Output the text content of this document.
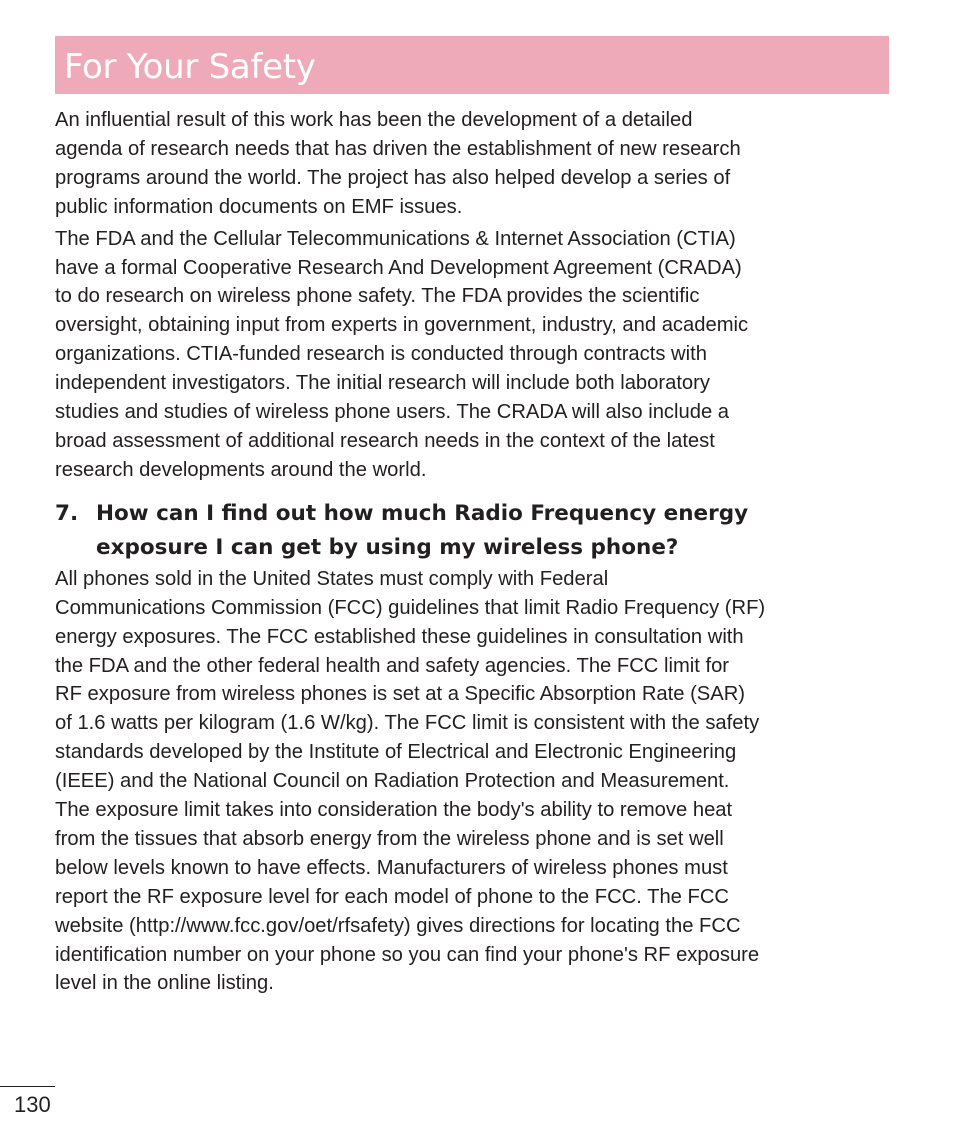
For Your Safety

An influential result of this work has been the development of a detailed
agenda of research needs that has driven the establishment of new research
programs around the world. The project has also helped develop a series of
public information documents on EMF issues.

The FDA and the Cellular Telecommunications & Internet Association (CTIA)
have a formal Cooperative Research And Development Agreement (CRADA)
to do research on wireless phone safety. The FDA provides the scientific
oversight, obtaining input from experts in government, industry, and academic
organizations. CTIA-funded research is conducted through contracts with
independent investigators. The initial research will include both laboratory
studies and studies of wireless phone users. The CRADA will also include a
broad assessment of additional research needs in the context of the latest
research developments around the world.

7. How can I find out how much Radio Frequency energy
exposure I can get by using my wireless phone?

All phones sold in the United States must comply with Federal
Communications Commission (FCC) guidelines that limit Radio Frequency (RF)
energy exposures. The FCC established these guidelines in consultation with
the FDA and the other federal health and safety agencies. The FCC limit for
RF exposure from wireless phones is set at a Specific Absorption Rate (SAR)
of 1.6 watts per kilogram (1.6 W/kg). The FCC limit is consistent with the safety
standards developed by the Institute of Electrical and Electronic Engineering
(IEEE) and the National Council on Radiation Protection and Measurement.
The exposure limit takes into consideration the body's ability to remove heat
from the tissues that absorb energy from the wireless phone and is set well
below levels known to have effects. Manufacturers of wireless phones must
report the RF exposure level for each model of phone to the FCC. The FCC
website (http://www.fcc.gov/oet/rfsafety) gives directions for locating the FCC
identification number on your phone so you can find your phone's RF exposure
level in the online listing.

130
